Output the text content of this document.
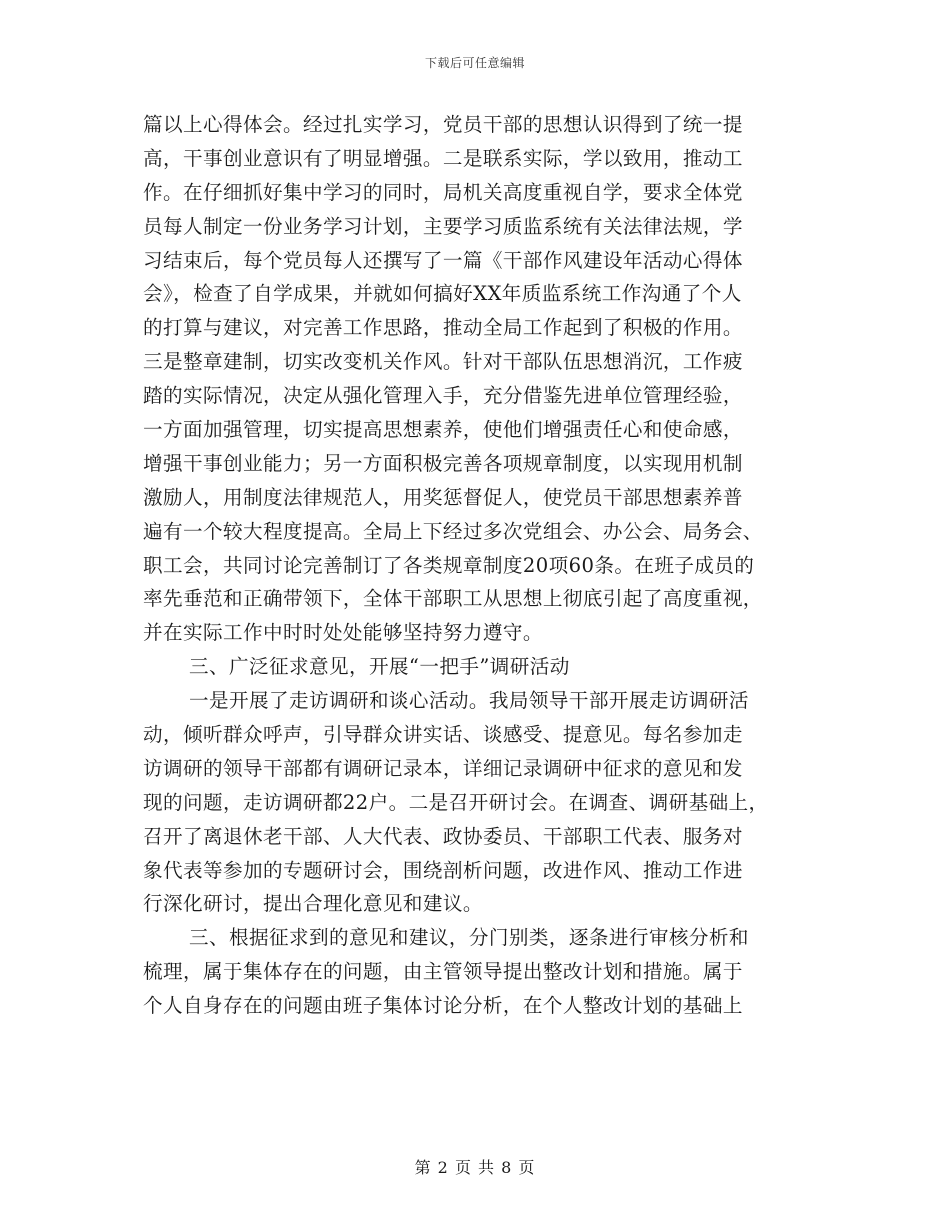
下载后可任意编辑
篇以上心得体会。经过扎实学习，党员干部的思想认识得到了统一提
高，干事创业意识有了明显增强。二是联系实际，学以致用，推动工
作。在仔细抓好集中学习的同时，局机关高度重视自学，要求全体党
员每人制定一份业务学习计划，主要学习质监系统有关法律法规，学
习结束后，每个党员每人还撰写了一篇《干部作风建设年活动心得体
会》，检查了自学成果，并就如何搞好XX年质监系统工作沟通了个人
的打算与建议，对完善工作思路，推动全局工作起到了积极的作用。
三是整章建制，切实改变机关作风。针对干部队伍思想消沉，工作疲
踏的实际情况，决定从强化管理入手，充分借鉴先进单位管理经验，
一方面加强管理，切实提高思想素养，使他们增强责任心和使命感，
增强干事创业能力；另一方面积极完善各项规章制度，以实现用机制
激励人，用制度法律规范人，用奖惩督促人，使党员干部思想素养普
遍有一个较大程度提高。全局上下经过多次党组会、办公会、局务会、
职工会，共同讨论完善制订了各类规章制度20项60条。在班子成员的
率先垂范和正确带领下，全体干部职工从思想上彻底引起了高度重视，
并在实际工作中时时处处能够坚持努力遵守。
三、广泛征求意见，开展“一把手”调研活动
一是开展了走访调研和谈心活动。我局领导干部开展走访调研活
动，倾听群众呼声，引导群众讲实话、谈感受、提意见。每名参加走
访调研的领导干部都有调研记录本，详细记录调研中征求的意见和发
现的问题，走访调研都22户。二是召开研讨会。在调查、调研基础上，
召开了离退休老干部、人大代表、政协委员、干部职工代表、服务对
象代表等参加的专题研讨会，围绕剖析问题，改进作风、推动工作进
行深化研讨，提出合理化意见和建议。
三、根据征求到的意见和建议，分门别类，逐条进行审核分析和
梳理，属于集体存在的问题，由主管领导提出整改计划和措施。属于
个人自身存在的问题由班子集体讨论分析，在个人整改计划的基础上
第 2 页 共 8 页
